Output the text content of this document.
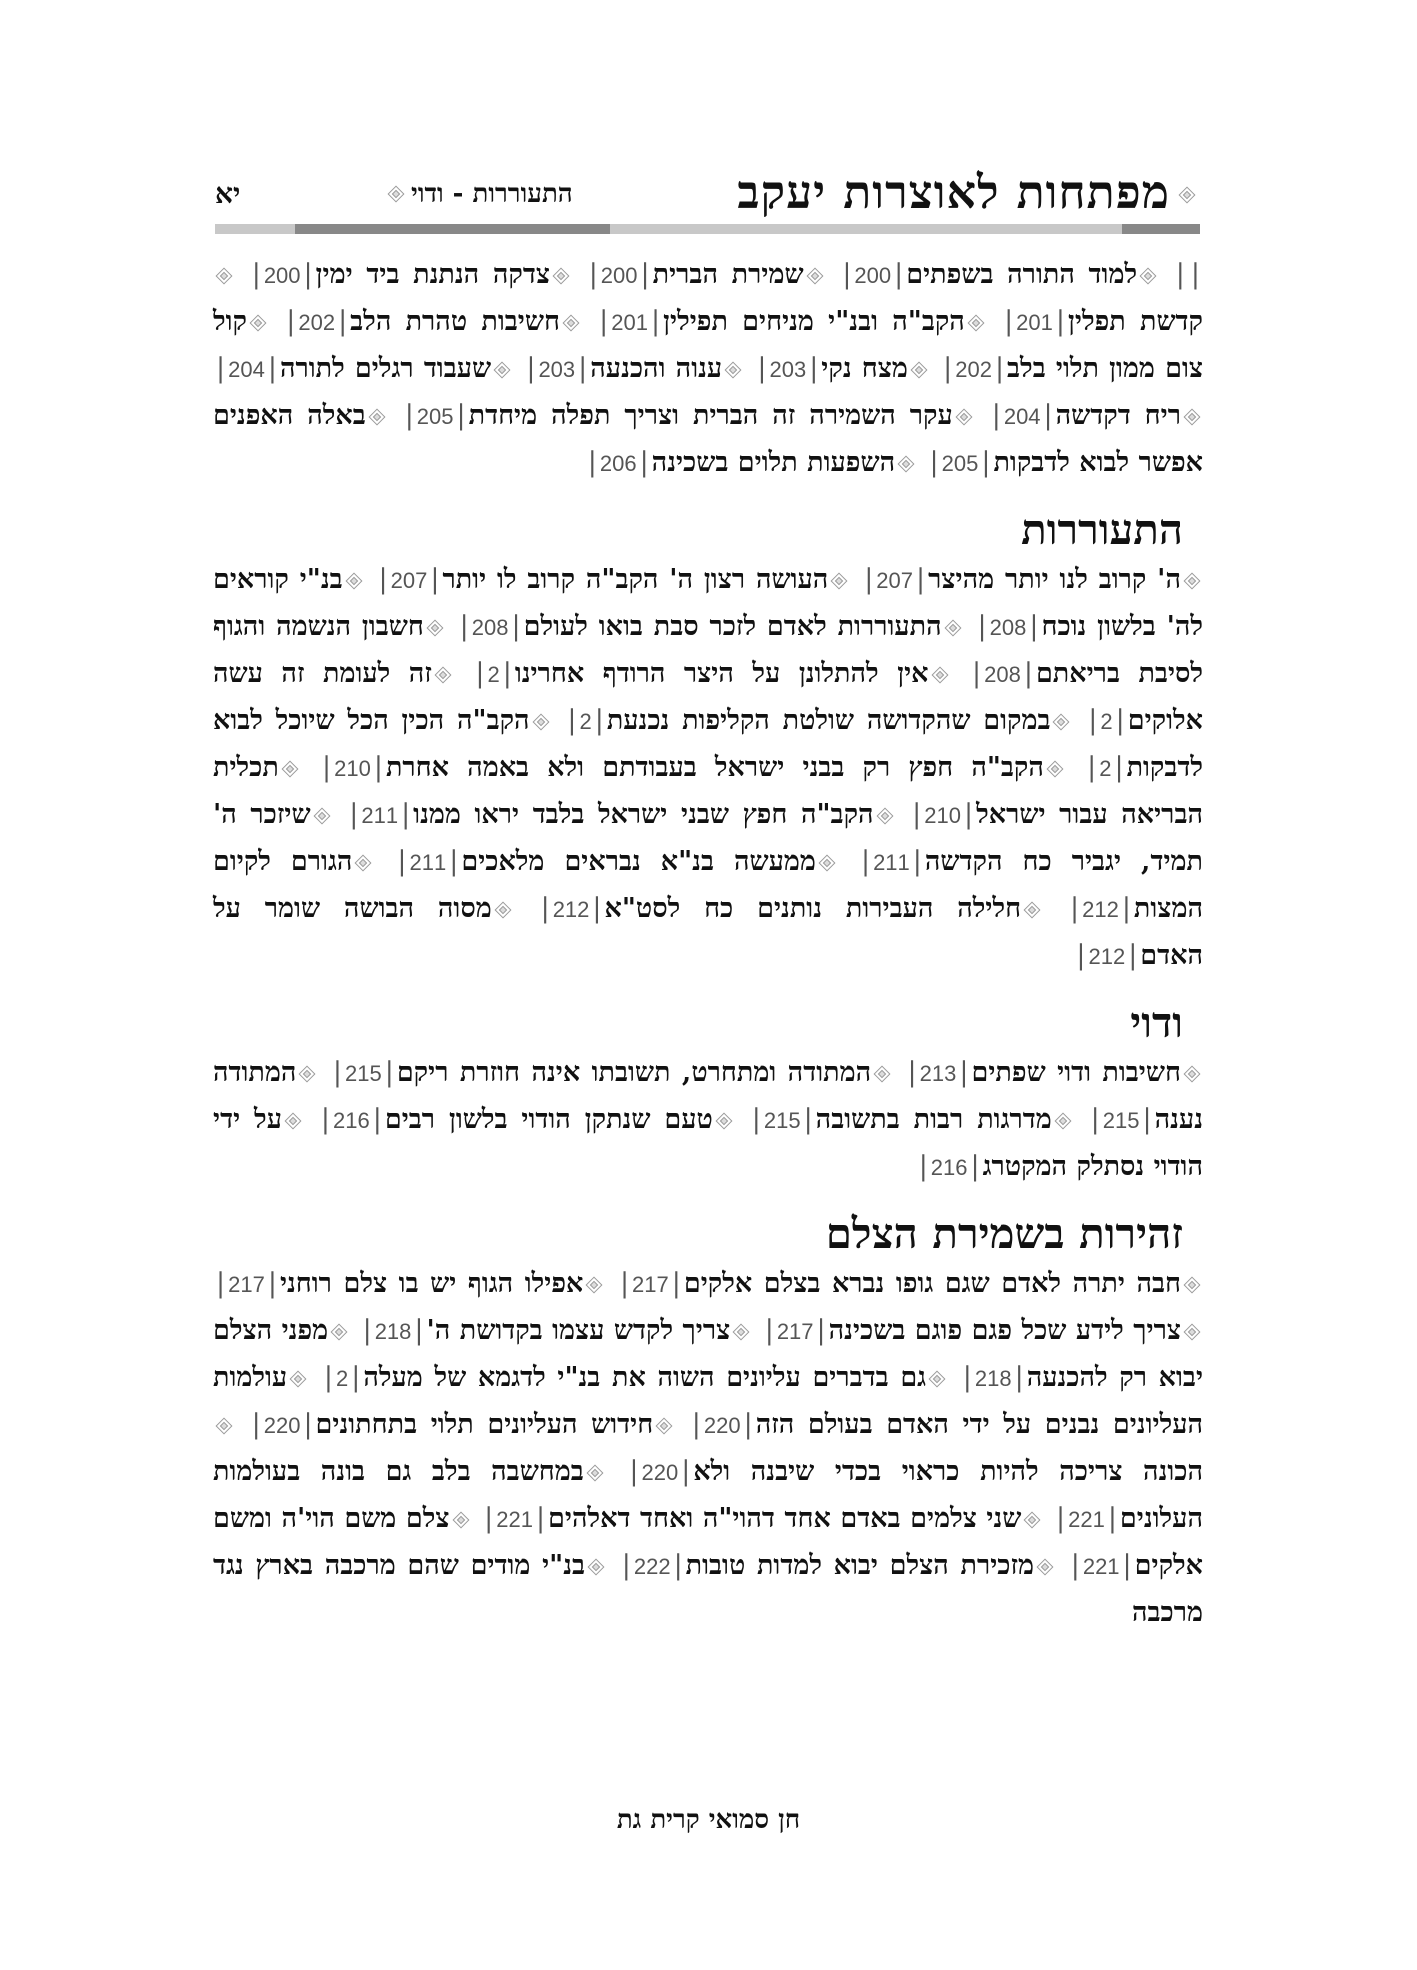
יא	התעוררות - ודוי	מפתחות לאוצרות יעקב

|| למוד התורה בשפתים|200| שמירת הברית|200| צדקה הנתנת ביד ימין|200| קדשת תפלין|201| הקב"ה ובנ"י מניחים תפילין|201| חשיבות טהרת הלב|202| קול צום ממון תלוי בלב|202| מצח נקי|203| ענוה והכנעה|203| שעבוד רגלים לתורה|204| ריח דקדשה|204| עקר השמירה זה הברית וצריך תפלה מיחדת|205| באלה האפנים אפשר לבוא לדבקות|205| השפעות תלוים בשכינה|206|

התעוררות

ה' קרוב לנו יותר מהיצר|207| העושה רצון ה' הקב"ה קרוב לו יותר|207| בנ"י קוראים לה' בלשון נוכח|208| התעוררות לאדם לזכר סבת בואו לעולם|208| חשבון הנשמה והגוף לסיבת בריאתם|208| אין להתלונן על היצר הרודף אחרינו|2| זה לעומת זה עשה אלוקים|2| במקום שהקדושה שולטת הקליפות נכנעת|2| הקב"ה הכין הכל שיוכל לבוא לדבקות|2| הקב"ה חפץ רק בבני ישראל בעבודתם ולא באמה אחרת|210| תכלית הבריאה עבור ישראל|210| הקב"ה חפץ שבני ישראל בלבד יראו ממנו|211| שיזכר ה' תמיד, יגביר כח הקדשה|211| ממעשה בנ"א נבראים מלאכים|211| הגורם לקיום המצות|212| חלילה העבירות נותנים כח לסט"א|212| מסוה הבושה שומר על האדם|212|

ודוי

חשיבות ודוי שפתים|213| המתודה ומתחרט, תשובתו אינה חוזרת ריקם|215| המתודה נענה|215| מדרגות רבות בתשובה|215| טעם שנתקן הודוי בלשון רבים|216| על ידי הודוי נסתלק המקטרג|216|

זהירות בשמירת הצלם

חבה יתרה לאדם שגם גופו נברא בצלם אלקים|217| אפילו הגוף יש בו צלם רוחני|217| צריך לידע שכל פגם פוגם בשכינה|217| צריך לקדש עצמו בקדושת ה'|218| מפני הצלם יבוא רק להכנעה|218| גם בדברים עליונים השוה את בנ"י לדגמא של מעלה|2| עולמות העליונים נבנים על ידי האדם בעולם הזה|220| חידוש העליונים תלוי בתחתונים|220| הכונה צריכה להיות כראוי בכדי שיבנה ולא|220| במחשבה בלב גם בונה בעולמות העלונים|221| שני צלמים באדם אחד דהוי"ה ואחד דאלהים|221| צלם משם הוי'ה ומשם אלקים|221| מזכירת הצלם יבוא למדות טובות|222| בנ"י מודים שהם מרכבה בארץ נגד מרכבה

חן סמואי קרית גת
